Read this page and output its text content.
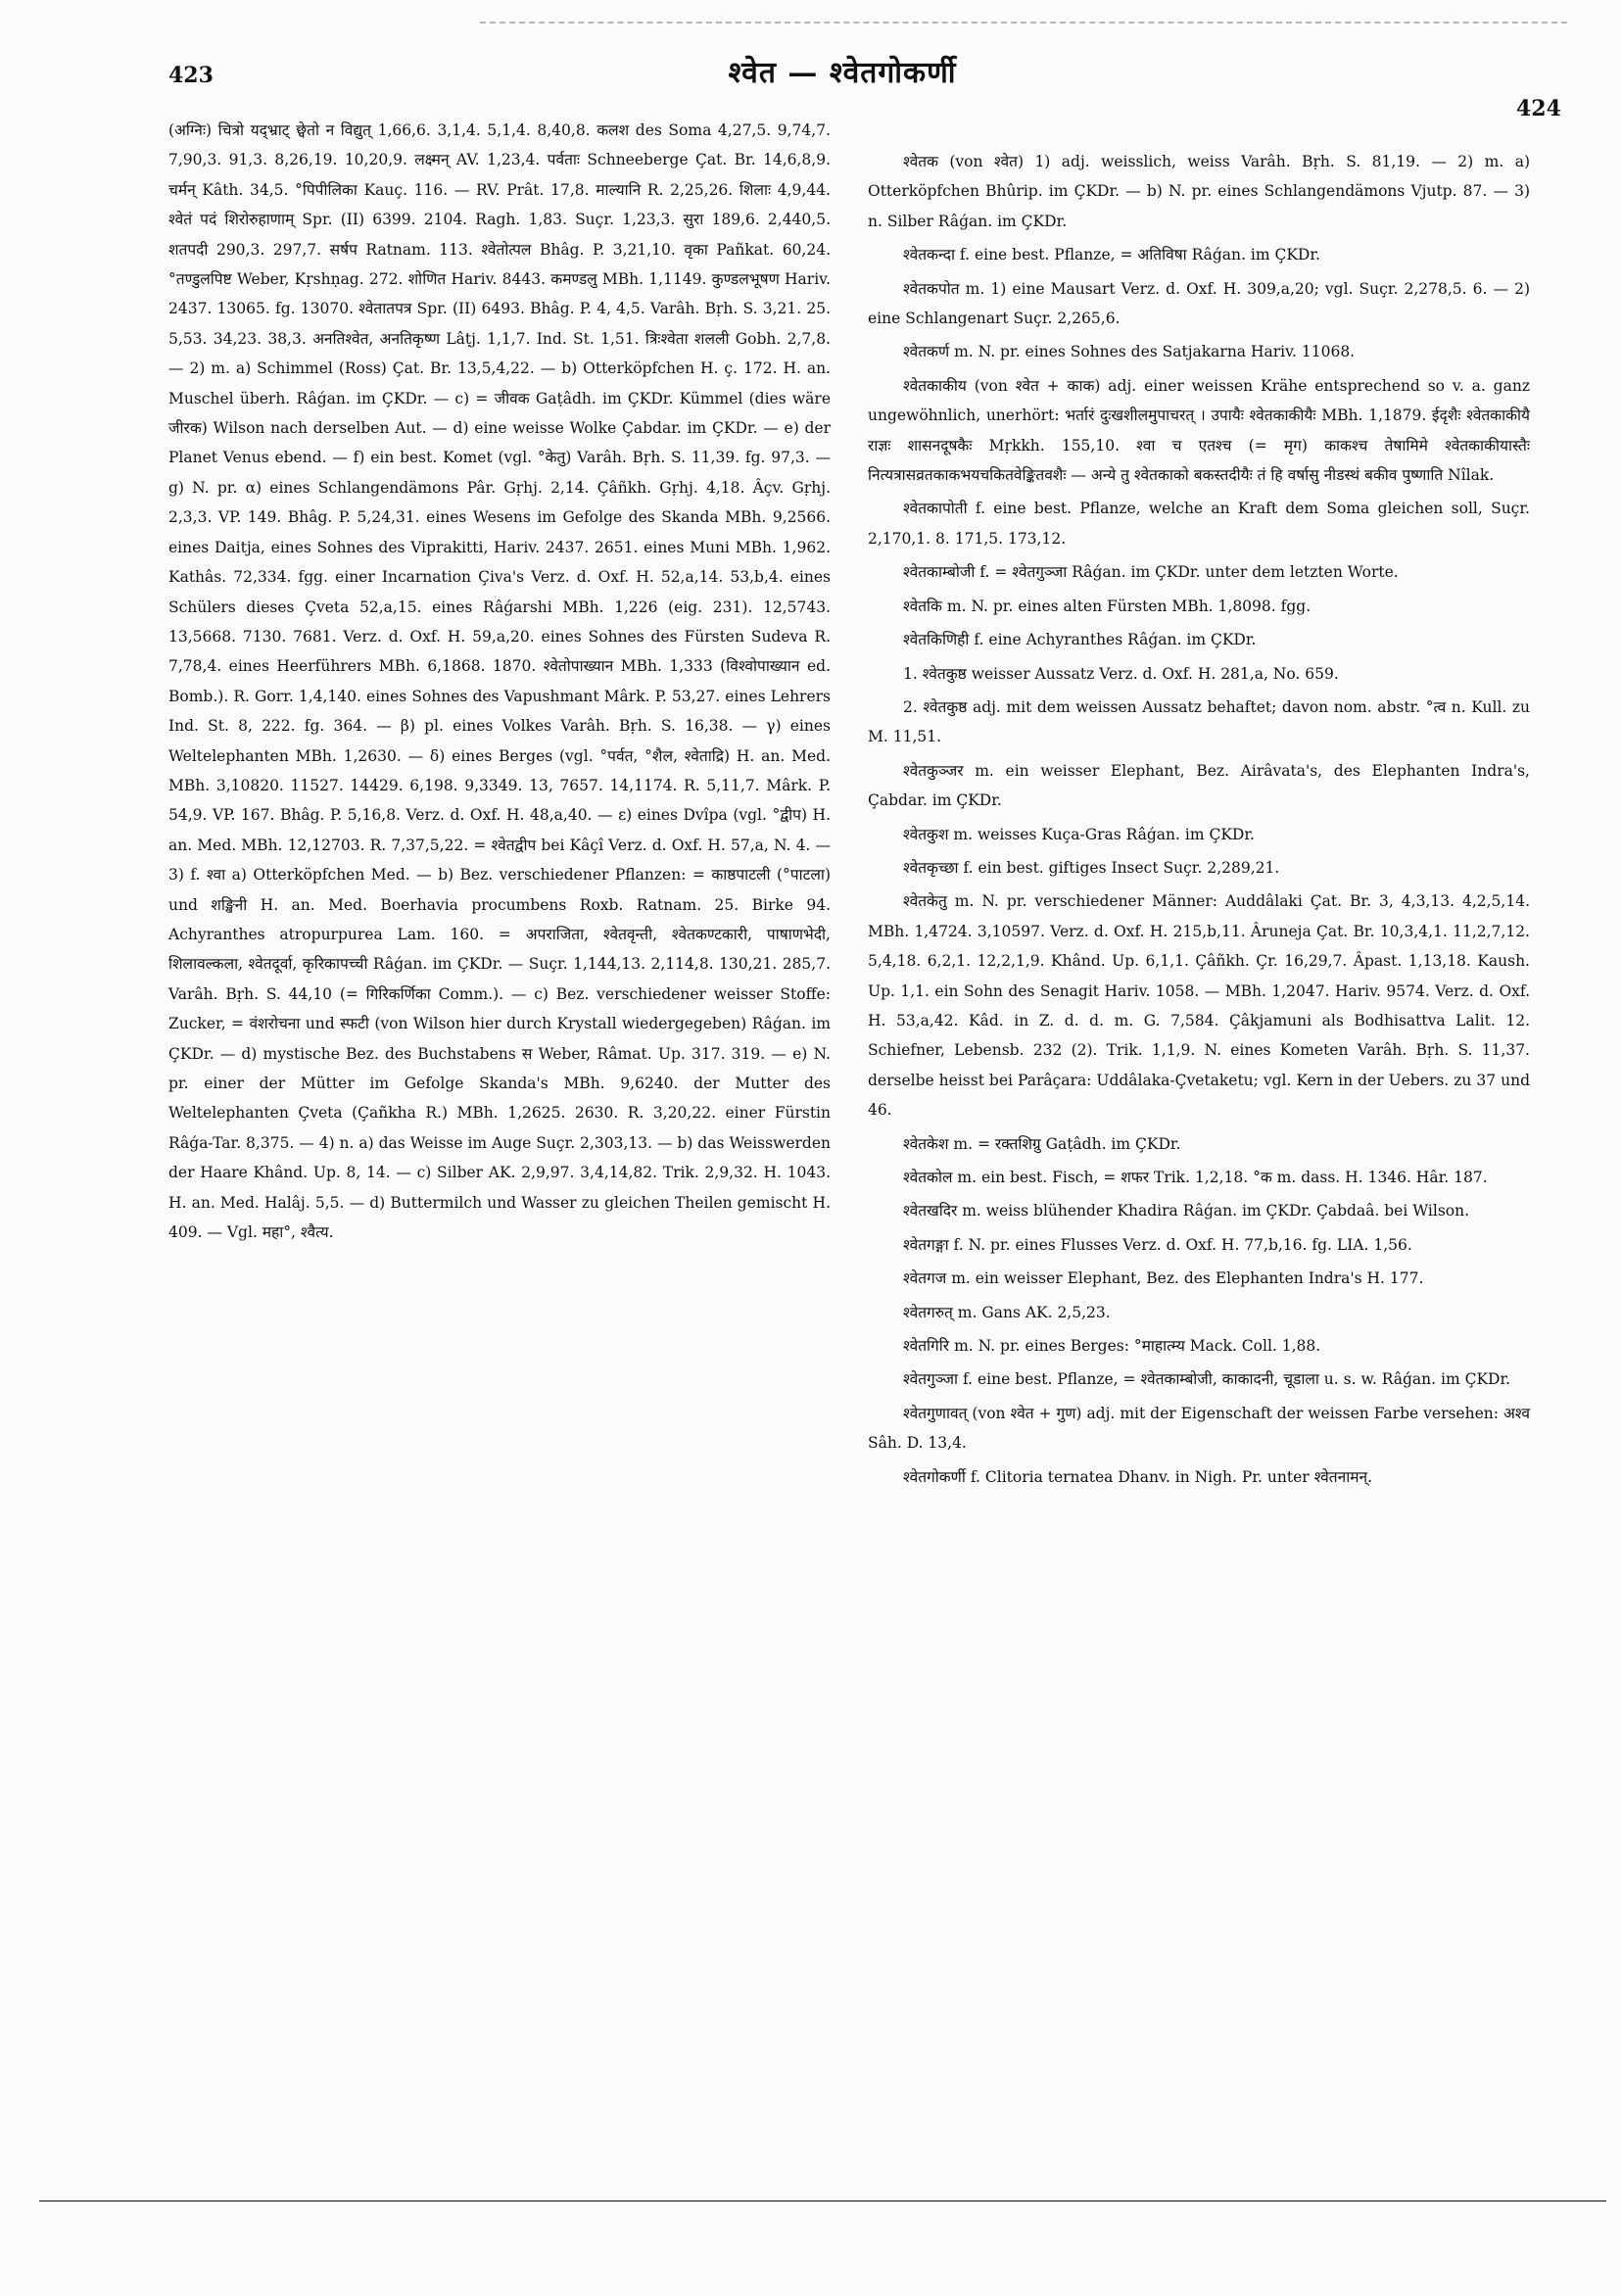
423	श्वेत — श्वेतगोकर्णी
424

(अग्निः) चित्रो यद्भ्राट् छ्वेतो न विद्युत् 1,66,6. 3,1,4. 5,1,4. 8,40,8. कलश des Soma 4,27,5. 9,74,7. 7,90,3. 91,3. 8,26,19. 10,20,9. लक्ष्मन् AV. 1,23,4. पर्वताः Schneeberge Çat. Br. 14,6,8,9. चर्मन् Kâth. 34,5. °पिपीलिका Kauç. 116. — RV. Prât. 17,8. माल्यानि R. 2,25,26. शिलाः 4,9,44. श्वेतं पदं शिरोरुहाणाम् Spr. (II) 6399. 2104. Ragh. 1,83. Suçr. 1,23,3. सुरा 189,6. 2,440,5. शतपदी 290,3. 297,7. सर्षप Ratnam. 113. श्वेतोत्पल Bhâg. P. 3,21,10. वृका Pañkat. 60,24. °तण्डुलपिष्ट Weber, Kṛshṇag. 272. शोणित Hariv. 8443. कमण्डलु MBh. 1,1149. कुण्डलभूषण Hariv. 2437. 13065. fg. 13070. श्वेतातपत्र Spr. (II) 6493. Bhâg. P. 4, 4,5. Varâh. Bṛh. S. 3,21. 25. 5,53. 34,23. 38,3. अनतिश्वेत, अनतिकृष्ण Lâṭj. 1,1,7. Ind. St. 1,51. त्रिःश्वेता शलली Gobh. 2,7,8. — 2) m. a) Schimmel (Ross) Çat. Br. 13,5,4,22. — b) Otterköpfchen H. ç. 172. H. an. Muschel überh. Râǵan. im ÇKDr. — c) = जीवक Gaṭâdh. im ÇKDr. Kümmel (dies wäre जीरक) Wilson nach derselben Aut. — d) eine weisse Wolke Çabdar. im ÇKDr. — e) der Planet Venus ebend. — f) ein best. Komet (vgl. °केतु) Varâh. Bṛh. S. 11,39. fg. 97,3. — g) N. pr. α) eines Schlangendämons Pâr. Gṛhj. 2,14. Çâñkh. Gṛhj. 4,18. Âçv. Gṛhj. 2,3,3. VP. 149. Bhâg. P. 5,24,31. eines Wesens im Gefolge des Skanda MBh. 9,2566. eines Daitja, eines Sohnes des Viprakitti, Hariv. 2437. 2651. eines Muni MBh. 1,962. Kathâs. 72,334. fgg. einer Incarnation Çiva's Verz. d. Oxf. H. 52,a,14. 53,b,4. eines Schülers dieses Çveta 52,a,15. eines Râǵarshi MBh. 1,226 (eig. 231). 12,5743. 13,5668. 7130. 7681. Verz. d. Oxf. H. 59,a,20. eines Sohnes des Fürsten Sudeva R. 7,78,4. eines Heerführers MBh. 6,1868. 1870. श्वेतोपाख्यान MBh. 1,333 (विश्वोपाख्यान ed. Bomb.). R. Gorr. 1,4,140. eines Sohnes des Vapushmant Mârk. P. 53,27. eines Lehrers Ind. St. 8, 222. fg. 364. — β) pl. eines Volkes Varâh. Bṛh. S. 16,38. — γ) eines Weltelephanten MBh. 1,2630. — δ) eines Berges (vgl. °पर्वत, °शैल, श्वेताद्रि) H. an. Med. MBh. 3,10820. 11527. 14429. 6,198. 9,3349. 13, 7657. 14,1174. R. 5,11,7. Mârk. P. 54,9. VP. 167. Bhâg. P. 5,16,8. Verz. d. Oxf. H. 48,a,40. — ε) eines Dvîpa (vgl. °द्वीप) H. an. Med. MBh. 12,12703. R. 7,37,5,22. = श्वेतद्वीप bei Kâçî Verz. d. Oxf. H. 57,a, N. 4. — 3) f. श्वा a) Otterköpfchen Med. — b) Bez. verschiedener Pflanzen: = काष्ठपाटली (°पाटला) und शङ्खिनी H. an. Med. Boerhavia procumbens Roxb. Ratnam. 25. Birke 94. Achyranthes atropurpurea Lam. 160. = अपराजिता, श्वेतवृन्ती, श्वेतकण्टकारी, पाषाणभेदी, शिलावल्कला, श्वेतदूर्वा, कृरिकापच्ची Râǵan. im ÇKDr. — Suçr. 1,144,13. 2,114,8. 130,21. 285,7. Varâh. Bṛh. S. 44,10 (= गिरिकर्णिका Comm.). — c) Bez. verschiedener weisser Stoffe: Zucker, = वंशरोचना und स्फटी (von Wilson hier durch Krystall wiedergegeben) Râǵan. im ÇKDr. — d) mystische Bez. des Buchstabens स Weber, Râmat. Up. 317. 319. — e) N. pr. einer der Mütter im Gefolge Skanda's MBh. 9,6240. der Mutter des Weltelephanten Çveta (Çañkha R.) MBh. 1,2625. 2630. R. 3,20,22. einer Fürstin Râǵa-Tar. 8,375. — 4) n. a) das Weisse im Auge Suçr. 2,303,13. — b) das Weisswerden der Haare Khând. Up. 8, 14. — c) Silber AK. 2,9,97. 3,4,14,82. Trik. 2,9,32. H. 1043. H. an. Med. Halâj. 5,5. — d) Buttermilch und Wasser zu gleichen Theilen gemischt H. 409. — Vgl. महा°, श्वैत्य.

श्वेतक (von श्वेत) 1) adj. weisslich, weiss Varâh. Bṛh. S. 81,19. — 2) m. a) Otterköpfchen Bhûrip. im ÇKDr. — b) N. pr. eines Schlangendämons Vjutp. 87. — 3) n. Silber Râǵan. im ÇKDr.

श्वेतकन्दा f. eine best. Pflanze, = अतिविषा Râǵan. im ÇKDr.

श्वेतकपोत m. 1) eine Mausart Verz. d. Oxf. H. 309,a,20; vgl. Suçr. 2,278,5. 6. — 2) eine Schlangenart Suçr. 2,265,6.

श्वेतकर्ण m. N. pr. eines Sohnes des Satjakarna Hariv. 11068.

श्वेतकाकीय (von श्वेत + काक) adj. einer weissen Krähe entsprechend so v. a. ganz ungewöhnlich, unerhört: भर्तारं दुःखशीलमुपाचरत् । उपायैः श्वेतकाकीयैः MBh. 1,1879. ईदृशैः श्वेतकाकीयै राज्ञः शासनदूषकैः Mṛkkh. 155,10. श्वा च एतश्च (= मृग) काकश्च तेषामिमे श्वेतकाकीयास्तैः नित्यत्रासव्रतकाकभयचकितवेङ्कितवशैः — अन्ये तु श्वेतकाको बकस्तदीयैः तं हि वर्षासु नीडस्थं बकीव पुष्णाति Nîlak.

श्वेतकापोती f. eine best. Pflanze, welche an Kraft dem Soma gleichen soll, Suçr. 2,170,1. 8. 171,5. 173,12.

श्वेतकाम्बोजी f. = श्वेतगुञ्जा Râǵan. im ÇKDr. unter dem letzten Worte.

श्वेतकि m. N. pr. eines alten Fürsten MBh. 1,8098. fgg.

श्वेतकिणिही f. eine Achyranthes Râǵan. im ÇKDr.

1. श्वेतकुष्ठ weisser Aussatz Verz. d. Oxf. H. 281,a, No. 659.

2. श्वेतकुष्ठ adj. mit dem weissen Aussatz behaftet; davon nom. abstr. °त्व n. Kull. zu M. 11,51.

श्वेतकुञ्जर m. ein weisser Elephant, Bez. Airâvata's, des Elephanten Indra's, Çabdar. im ÇKDr.

श्वेतकुश m. weisses Kuça-Gras Râǵan. im ÇKDr.

श्वेतकृच्छा f. ein best. giftiges Insect Suçr. 2,289,21.

श्वेतकेतु m. N. pr. verschiedener Männer: Auddâlaki Çat. Br. 3, 4,3,13. 4,2,5,14. MBh. 1,4724. 3,10597. Verz. d. Oxf. H. 215,b,11. Âruneja Çat. Br. 10,3,4,1. 11,2,7,12. 5,4,18. 6,2,1. 12,2,1,9. Khând. Up. 6,1,1. Çâñkh. Çr. 16,29,7. Âpast. 1,13,18. Kaush. Up. 1,1. ein Sohn des Senagit Hariv. 1058. — MBh. 1,2047. Hariv. 9574. Verz. d. Oxf. H. 53,a,42. Kâd. in Z. d. d. m. G. 7,584. Çâkjamuni als Bodhisattva Lalit. 12. Schiefner, Lebensb. 232 (2). Trik. 1,1,9. N. eines Kometen Varâh. Bṛh. S. 11,37. derselbe heisst bei Parâçara: Uddâlaka-Çvetaketu; vgl. Kern in der Uebers. zu 37 und 46.

श्वेतकेश m. = रक्तशिग्रु Gaṭâdh. im ÇKDr.

श्वेतकोल m. ein best. Fisch, = शफर Trik. 1,2,18. °क m. dass. H. 1346. Hâr. 187.

श्वेतखदिर m. weiss blühender Khadira Râǵan. im ÇKDr. Çabdaâ. bei Wilson.

श्वेतगङ्गा f. N. pr. eines Flusses Verz. d. Oxf. H. 77,b,16. fg. LIA. 1,56.

श्वेतगज m. ein weisser Elephant, Bez. des Elephanten Indra's H. 177.

श्वेतगरुत् m. Gans AK. 2,5,23.

श्वेतगिरि m. N. pr. eines Berges: °माहात्म्य Mack. Coll. 1,88.

श्वेतगुञ्जा f. eine best. Pflanze, = श्वेतकाम्बोजी, काकादनी, चूडाला u. s. w. Râǵan. im ÇKDr.

श्वेतगुणावत् (von श्वेत + गुण) adj. mit der Eigenschaft der weissen Farbe versehen: अश्व Sâh. D. 13,4.

श्वेतगोकर्णी f. Clitoria ternatea Dhanv. in Nigh. Pr. unter श्वेतनामन्.
